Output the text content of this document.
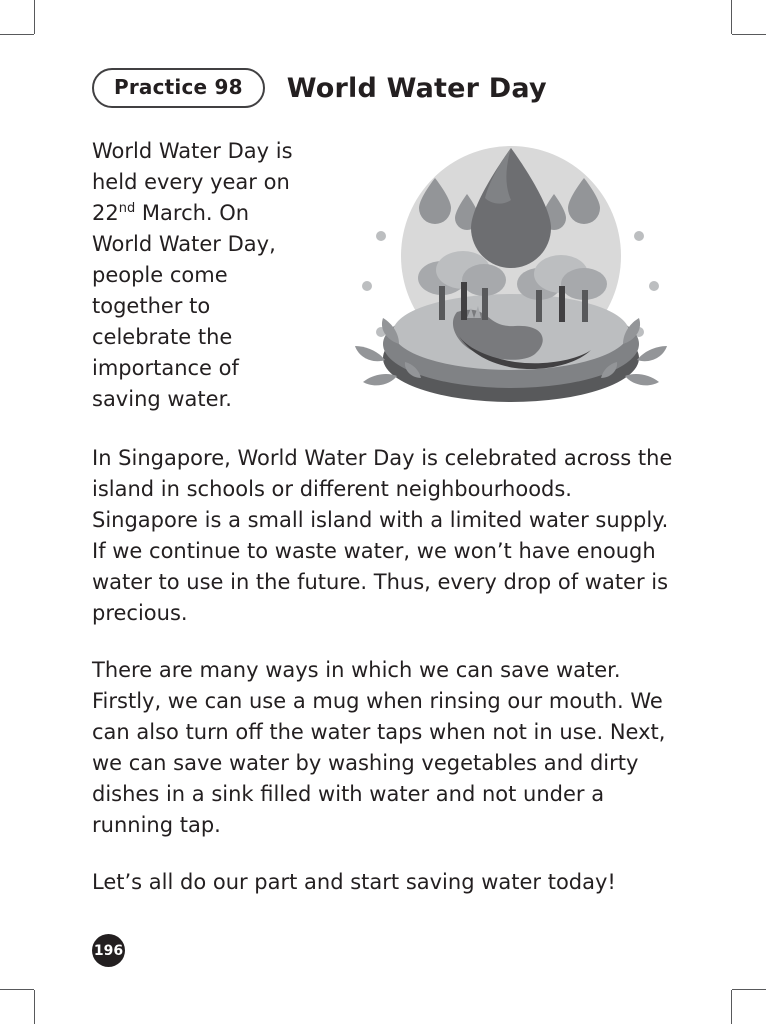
Practice 98	World Water Day
World Water Day is held every year on 22nd March. On World Water Day, people come together to celebrate the importance of saving water.

In Singapore, World Water Day is celebrated across the island in schools or different neighbourhoods. Singapore is a small island with a limited water supply. If we continue to waste water, we won’t have enough water to use in the future. Thus, every drop of water is precious.

There are many ways in which we can save water. Firstly, we can use a mug when rinsing our mouth. We can also turn off the water taps when not in use. Next, we can save water by washing vegetables and dirty dishes in a sink filled with water and not under a running tap.

Let’s all do our part and start saving water today!

196
